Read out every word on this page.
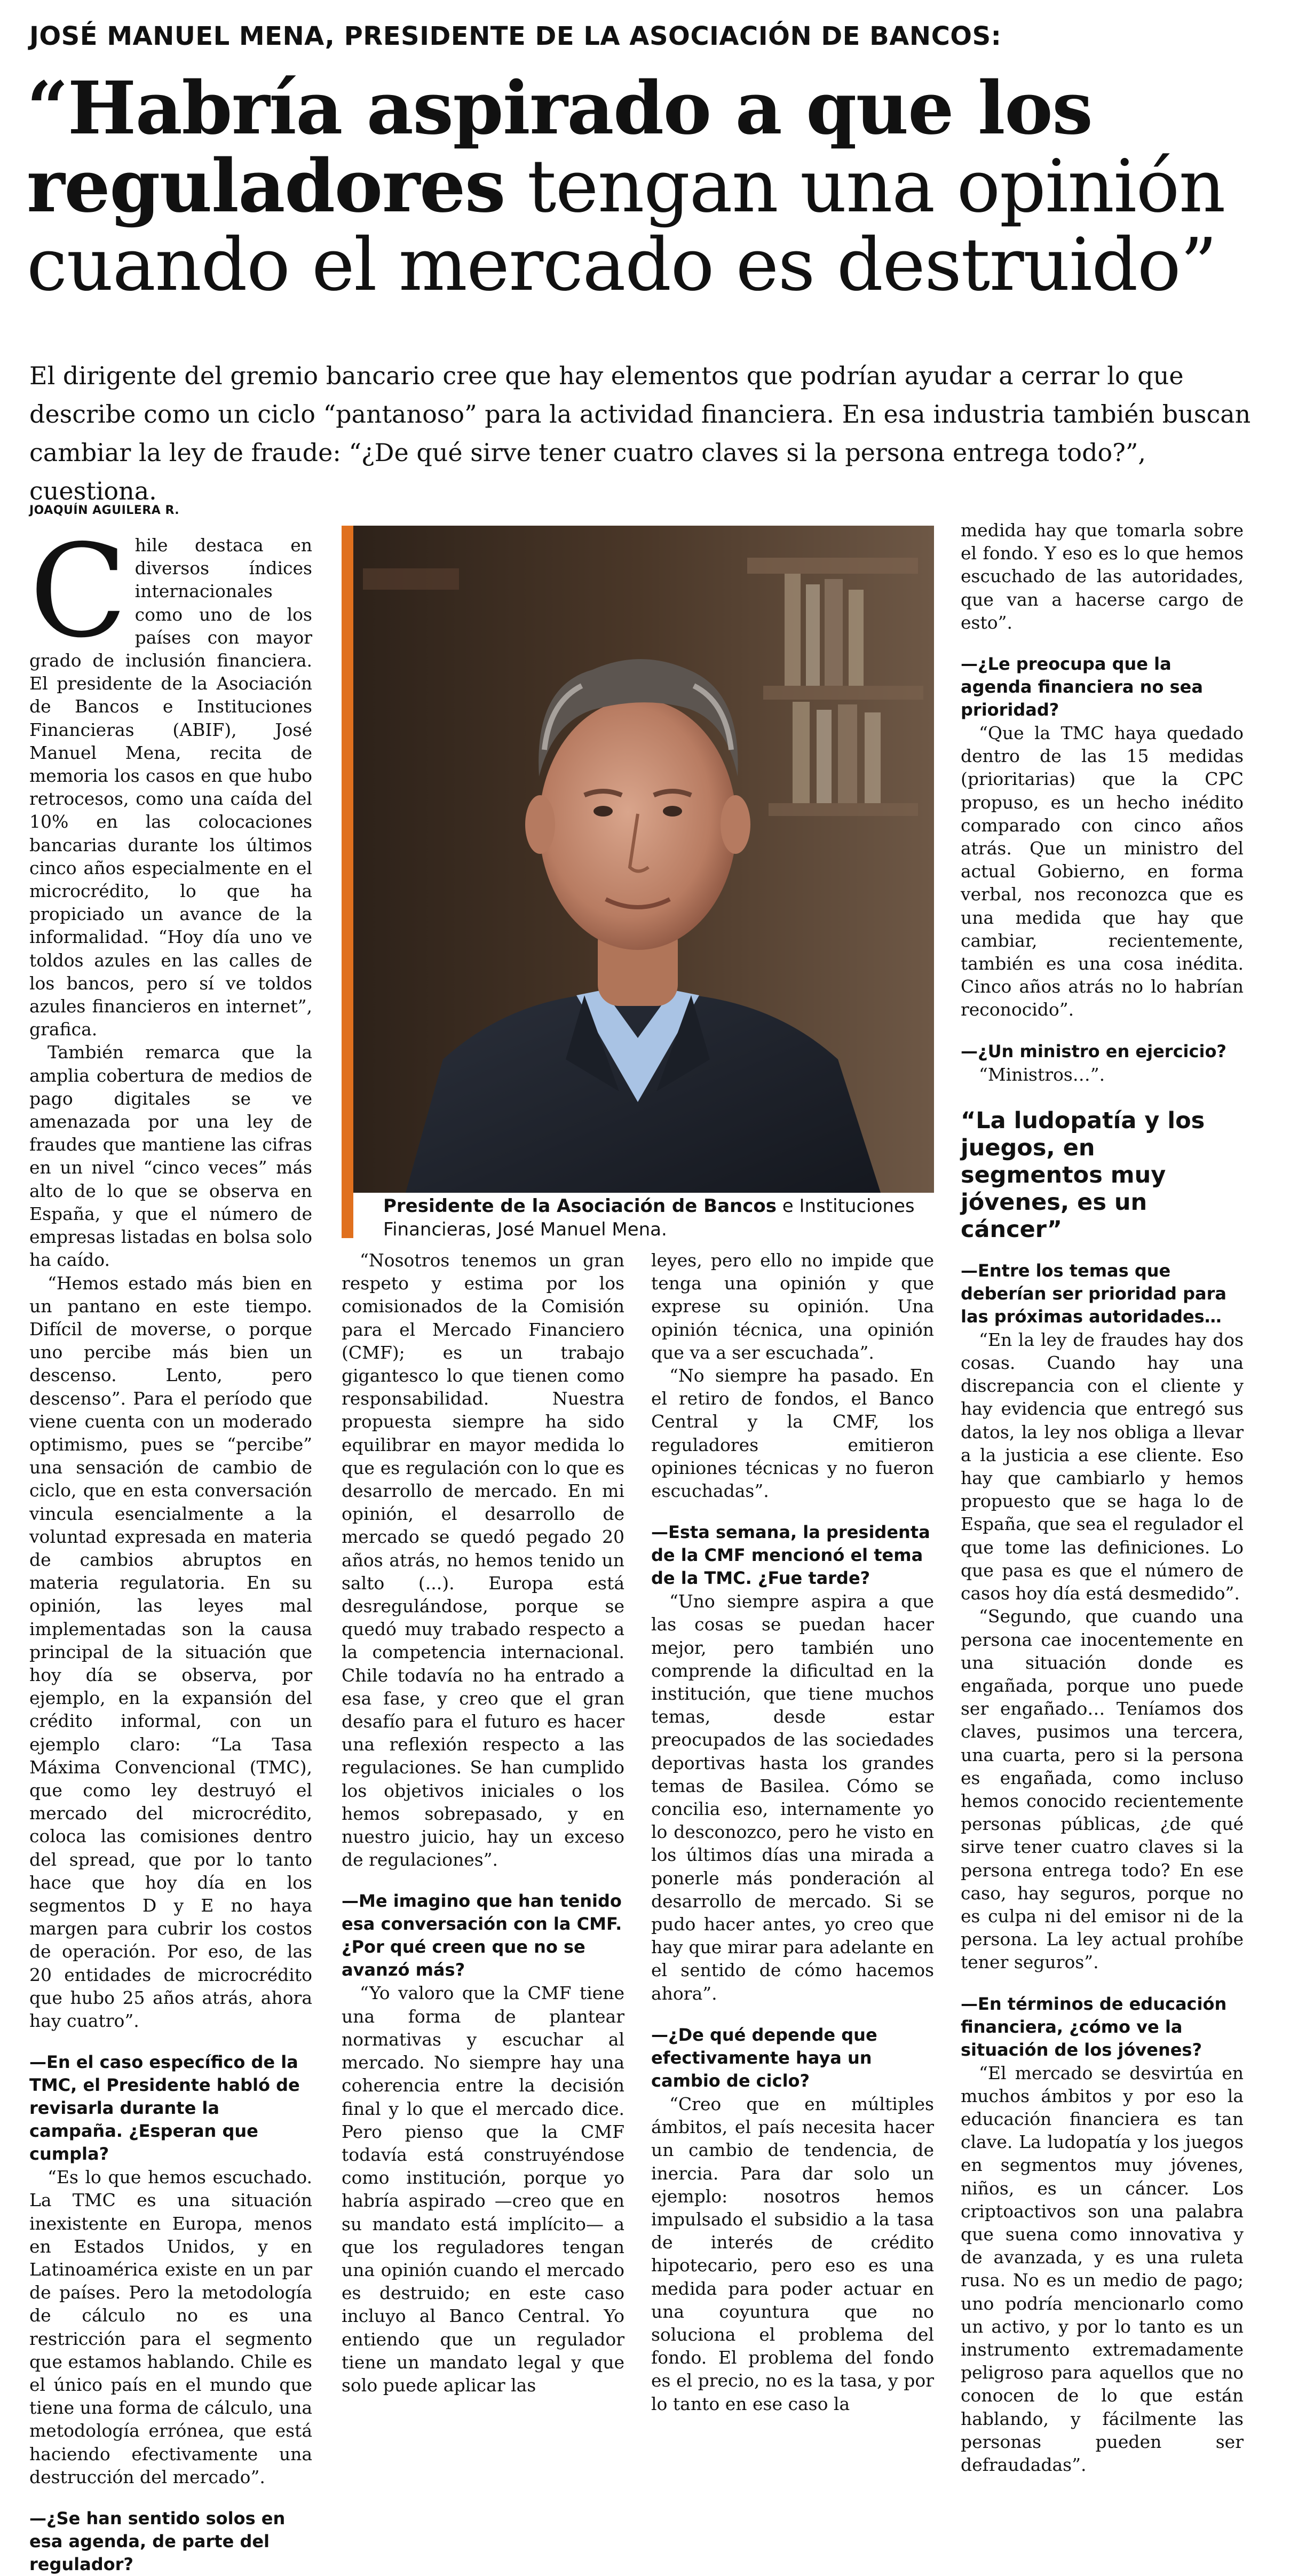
JOSÉ MANUEL MENA, PRESIDENTE DE LA ASOCIACIÓN DE BANCOS:
“Habría aspirado a que los
reguladores tengan una opinión
cuando el mercado es destruido”
El dirigente del gremio bancario cree que hay elementos que podrían ayudar a cerrar lo que describe como un ciclo “pantanoso” para la actividad financiera. En esa industria también buscan cambiar la ley de fraude: “¿De qué sirve tener cuatro claves si la persona entrega todo?”, cuestiona.
JOAQUÍN AGUILERA R.

Chile destaca en diversos índices internacionales como uno de los países con mayor grado de inclusión financiera. El presidente de la Asociación de Bancos e Instituciones Financieras (ABIF), José Manuel Mena, recita de memoria los casos en que hubo retrocesos, como una caída del 10% en las colocaciones bancarias durante los últimos cinco años especialmente en el microcrédito, lo que ha propiciado un avance de la informalidad. “Hoy día uno ve toldos azules en las calles de los bancos, pero sí ve toldos azules financieros en internet”, grafica.

También remarca que la amplia cobertura de medios de pago digitales se ve amenazada por una ley de fraudes que mantiene las cifras en un nivel “cinco veces” más alto de lo que se observa en España, y que el número de empresas listadas en bolsa solo ha caído.

“Hemos estado más bien en un pantano en este tiempo. Difícil de moverse, o porque uno percibe más bien un descenso. Lento, pero descenso”. Para el período que viene cuenta con un moderado optimismo, pues se “percibe” una sensación de cambio de ciclo, que en esta conversación vincula esencialmente a la voluntad expresada en materia de cambios abruptos en materia regulatoria. En su opinión, las leyes mal implementadas son la causa principal de la situación que hoy día se observa, por ejemplo, en la expansión del crédito informal, con un ejemplo claro: “La Tasa Máxima Convencional (TMC), que como ley destruyó el mercado del microcrédito, coloca las comisiones dentro del spread, que por lo tanto hace que hoy día en los segmentos D y E no haya margen para cubrir los costos de operación. Por eso, de las 20 entidades de microcrédito que hubo 25 años atrás, ahora hay cuatro”.

—En el caso específico de la TMC, el Presidente habló de revisarla durante la campaña. ¿Esperan que cumpla?

“Es lo que hemos escuchado. La TMC es una situación inexistente en Europa, menos en Estados Unidos, y en Latinoamérica existe en un par de países. Pero la metodología de cálculo no es una restricción para el segmento que estamos hablando. Chile es el único país en el mundo que tiene una forma de cálculo, una metodología errónea, que está haciendo efectivamente una destrucción del mercado”.

—¿Se han sentido solos en esa agenda, de parte del regulador?

Presidente de la Asociación de Bancos e Instituciones Financieras, José Manuel Mena.

“Nosotros tenemos un gran respeto y estima por los comisionados de la Comisión para el Mercado Financiero (CMF); es un trabajo gigantesco lo que tienen como responsabilidad. Nuestra propuesta siempre ha sido equilibrar en mayor medida lo que es regulación con lo que es desarrollo de mercado. En mi opinión, el desarrollo de mercado se quedó pegado 20 años atrás, no hemos tenido un salto (...). Europa está desregulándose, porque se quedó muy trabado respecto a la competencia internacional. Chile todavía no ha entrado a esa fase, y creo que el gran desafío para el futuro es hacer una reflexión respecto a las regulaciones. Se han cumplido los objetivos iniciales o los hemos sobrepasado, y en nuestro juicio, hay un exceso de regulaciones”.

—Me imagino que han tenido esa conversación con la CMF. ¿Por qué creen que no se avanzó más?

“Yo valoro que la CMF tiene una forma de plantear normativas y escuchar al mercado. No siempre hay una coherencia entre la decisión final y lo que el mercado dice. Pero pienso que la CMF todavía está construyéndose como institución, porque yo habría aspirado —creo que en su mandato está implícito— a que los reguladores tengan una opinión cuando el mercado es destruido; en este caso incluyo al Banco Central. Yo entiendo que un regulador tiene un mandato legal y que solo puede aplicar las

leyes, pero ello no impide que tenga una opinión y que exprese su opinión. Una opinión técnica, una opinión que va a ser escuchada”.

“No siempre ha pasado. En el retiro de fondos, el Banco Central y la CMF, los reguladores emitieron opiniones técnicas y no fueron escuchadas”.

—Esta semana, la presidenta de la CMF mencionó el tema de la TMC. ¿Fue tarde?

“Uno siempre aspira a que las cosas se puedan hacer mejor, pero también uno comprende la dificultad en la institución, que tiene muchos temas, desde estar preocupados de las sociedades deportivas hasta los grandes temas de Basilea. Cómo se concilia eso, internamente yo lo desconozco, pero he visto en los últimos días una mirada a ponerle más ponderación al desarrollo de mercado. Si se pudo hacer antes, yo creo que hay que mirar para adelante en el sentido de cómo hacemos ahora”.

—¿De qué depende que efectivamente haya un cambio de ciclo?

“Creo que en múltiples ámbitos, el país necesita hacer un cambio de tendencia, de inercia. Para dar solo un ejemplo: nosotros hemos impulsado el subsidio a la tasa de interés de crédito hipotecario, pero eso es una medida para poder actuar en una coyuntura que no soluciona el problema del fondo. El problema del fondo es el precio, no es la tasa, y por lo tanto en ese caso la

medida hay que tomarla sobre el fondo. Y eso es lo que hemos escuchado de las autoridades, que van a hacerse cargo de esto”.

—¿Le preocupa que la agenda financiera no sea prioridad?

“Que la TMC haya quedado dentro de las 15 medidas (prioritarias) que la CPC propuso, es un hecho inédito comparado con cinco años atrás. Que un ministro del actual Gobierno, en forma verbal, nos reconozca que es una medida que hay que cambiar, recientemente, también es una cosa inédita. Cinco años atrás no lo habrían reconocido”.

—¿Un ministro en ejercicio?

“Ministros…”.

“La ludopatía y los juegos, en segmentos muy jóvenes, es un cáncer”

—Entre los temas que deberían ser prioridad para las próximas autoridades…

“En la ley de fraudes hay dos cosas. Cuando hay una discrepancia con el cliente y hay evidencia que entregó sus datos, la ley nos obliga a llevar a la justicia a ese cliente. Eso hay que cambiarlo y hemos propuesto que se haga lo de España, que sea el regulador el que tome las definiciones. Lo que pasa es que el número de casos hoy día está desmedido”.

“Segundo, que cuando una persona cae inocentemente en una situación donde es engañada, porque uno puede ser engañado… Teníamos dos claves, pusimos una tercera, una cuarta, pero si la persona es engañada, como incluso hemos conocido recientemente personas públicas, ¿de qué sirve tener cuatro claves si la persona entrega todo? En ese caso, hay seguros, porque no es culpa ni del emisor ni de la persona. La ley actual prohíbe tener seguros”.

—En términos de educación financiera, ¿cómo ve la situación de los jóvenes?

“El mercado se desvirtúa en muchos ámbitos y por eso la educación financiera es tan clave. La ludopatía y los juegos en segmentos muy jóvenes, niños, es un cáncer. Los criptoactivos son una palabra que suena como innovativa y de avanzada, y es una ruleta rusa. No es un medio de pago; uno podría mencionarlo como un activo, y por lo tanto es un instrumento extremadamente peligroso para aquellos que no conocen de lo que están hablando, y fácilmente las personas pueden ser defraudadas”.
